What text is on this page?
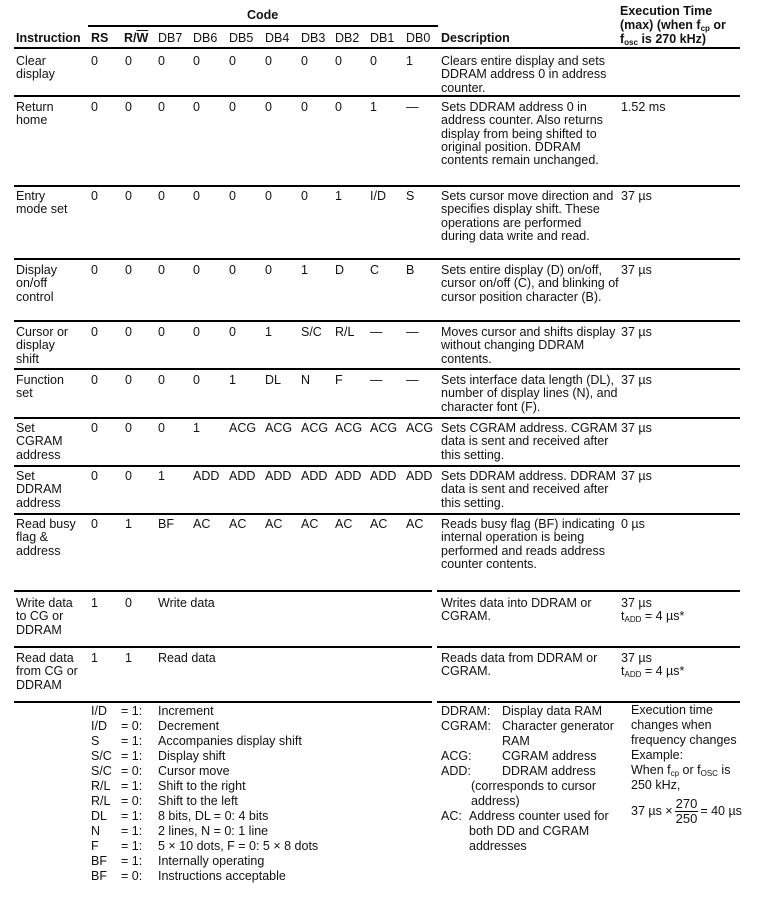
Code
Instruction RS $R/\overline{W}$ DB7 DB6 DB5 DB4 DB3 DB2 DB1 DB0 Description
Execution Time
(max) (when $f_{cp}$ or
$f_{osc}$ is 270 kHz)
Clear
display
0 0 0 0 0 0 0 0 0 1 Clears entire display and sets DDRAM address 0 in address counter.
Return
home
0 0 0 0 0 0 0 0 1 — Sets DDRAM address 0 in address counter. Also returns display from being shifted to original position. DDRAM contents remain unchanged.
1.52 ms
Entry
mode set
0 0 0 0 0 0 0 1 I/D S Sets cursor move direction and specifies display shift. These operations are performed during data write and read.
37 µs
Display
on/off
control
0 0 0 0 0 0 1 D C B Sets entire display (D) on/off, cursor on/off (C), and blinking of cursor position character (B).
37 µs
Cursor or
display
shift
0 0 0 0 0 1 S/C R/L — — Moves cursor and shifts display without changing DDRAM contents.
37 µs
Function
set
0 0 0 0 1 DL N F — — Sets interface data length (DL), number of display lines (N), and character font (F).
37 µs
Set
CGRAM
address
0 0 0 1 ACG ACG ACG ACG ACG ACG Sets CGRAM address. CGRAM data is sent and received after this setting.
37 µs
Set
DDRAM
address
0 0 1 ADD ADD ADD ADD ADD ADD ADD Sets DDRAM address. DDRAM data is sent and received after this setting.
37 µs
Read busy
flag &
address
0 1 BF AC AC AC AC AC AC AC Reads busy flag (BF) indicating internal operation is being performed and reads address counter contents.
0 µs
Write data
to CG or
DDRAM
1 0 Write data	Writes data into DDRAM or CGRAM.
37 µs
$t_{ADD} = 4$ µs*
Read data
from CG or
DDRAM
1 1 Read data	Reads data from DDRAM or CGRAM.
37 µs
$t_{ADD} = 4$ µs*
I/D = 1: Increment
I/D = 0: Decrement
S = 1: Accompanies display shift
S/C = 1: Display shift
S/C = 0: Cursor move
R/L = 1: Shift to the right
R/L = 0: Shift to the left
DL = 1: 8 bits, DL = 0: 4 bits
N = 1: 2 lines, N = 0: 1 line
F = 1: 5 × 10 dots, F = 0: 5 × 8 dots
BF = 1: Internally operating
BF = 0: Instructions acceptable
DDRAM: Display data RAM
CGRAM: Character generator
RAM
ACG: CGRAM address
ADD: DDRAM address
(corresponds to cursor
address)
AC: Address counter used for
both DD and CGRAM
addresses
Execution time
changes when
frequency changes
Example:
When $f_{cp}$ or $f_{OSC}$ is
250 kHz,
37 $\mu s \times \frac{270}{250} = 40$ µs
